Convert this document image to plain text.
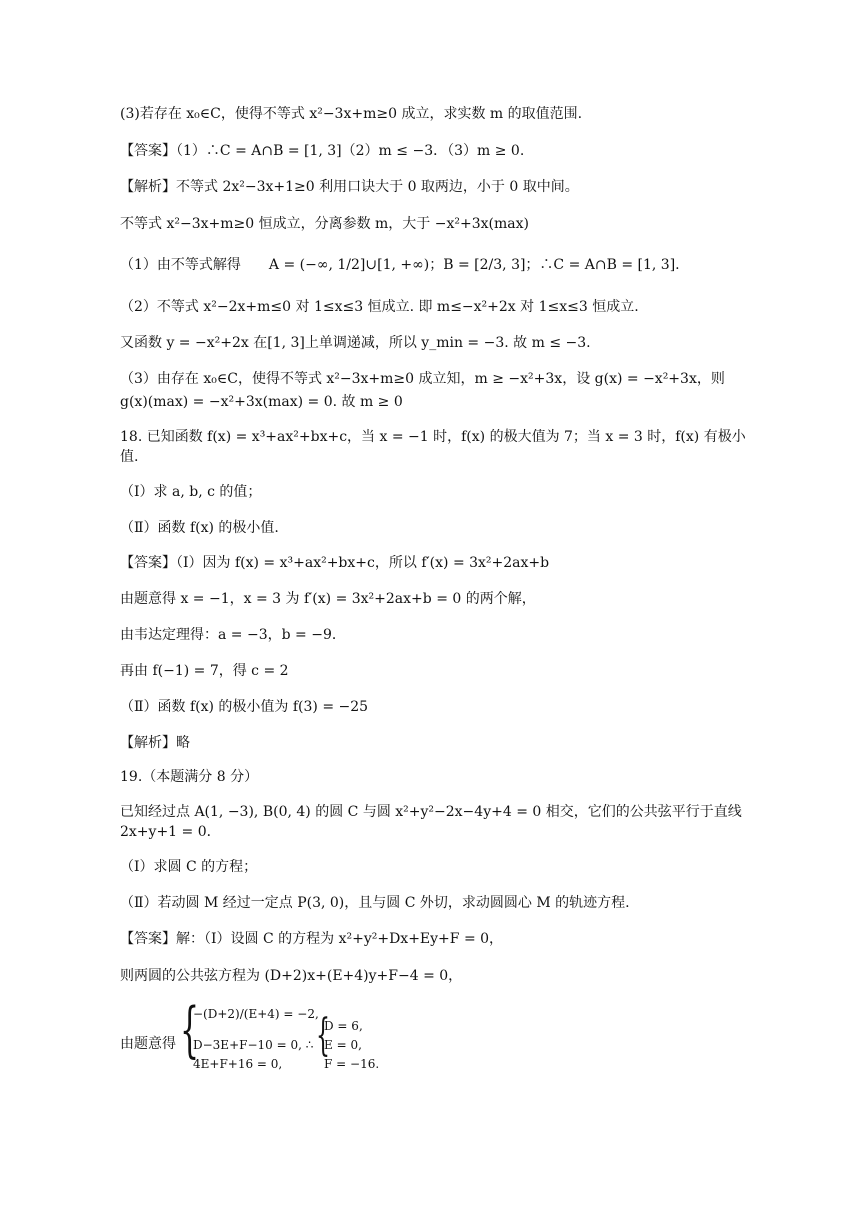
(3)若存在 x₀∈C，使得不等式 x²−3x+m≥0 成立，求实数 m 的取值范围.
【答案】（1）∴C = A∩B = [1, 3]（2）m ≤ −3．（3）m ≥ 0.
【解析】不等式 2x²−3x+1≥0 利用口诀大于 0 取两边，小于 0 取中间。
不等式 x²−3x+m≥0 恒成立，分离参数 m，大于 −x²+3x(max)
（1）由不等式解得　　A = (−∞, 1/2]∪[1, +∞)；B = [2/3, 3]；∴C = A∩B = [1, 3].
（2）不等式 x²−2x+m≤0 对 1≤x≤3 恒成立. 即 m≤−x²+2x 对 1≤x≤3 恒成立.
又函数 y = −x²+2x 在[1, 3]上单调递减，所以 y_min = −3. 故 m ≤ −3.
（3）由存在 x₀∈C，使得不等式 x²−3x+m≥0 成立知，m ≥ −x²+3x，设 g(x) = −x²+3x，则
g(x)(max) = −x²+3x(max) = 0. 故 m ≥ 0
18. 已知函数 f(x) = x³+ax²+bx+c，当 x = −1 时，f(x) 的极大值为 7；当 x = 3 时，f(x) 有极小值.
（Ⅰ）求 a, b, c 的值；
（Ⅱ）函数 f(x) 的极小值.
【答案】（Ⅰ）因为 f(x) = x³+ax²+bx+c，所以 f′(x) = 3x²+2ax+b
由题意得 x = −1，x = 3 为 f′(x) = 3x²+2ax+b = 0 的两个解，
由韦达定理得：a = −3，b = −9．
再由 f(−1) = 7，得 c = 2
（Ⅱ）函数 f(x) 的极小值为 f(3) = −25
【解析】略
19.（本题满分 8 分）
已知经过点 A(1, −3), B(0, 4) 的圆 C 与圆 x²+y²−2x−4y+4 = 0 相交，它们的公共弦平行于直线 2x+y+1 = 0．
（Ⅰ）求圆 C 的方程；
（Ⅱ）若动圆 M 经过一定点 P(3, 0)，且与圆 C 外切，求动圆圆心 M 的轨迹方程.
【答案】解：（Ⅰ）设圆 C 的方程为 x²+y²+Dx+Ey+F = 0，
则两圆的公共弦方程为 (D+2)x+(E+4)y+F−4 = 0，
由题意得 {
−(D+2)/(E+4) = −2,
D−3E+F−10 = 0, ∴
4E+F+16 = 0,
{
D = 6,
E = 0,
F = −16.
